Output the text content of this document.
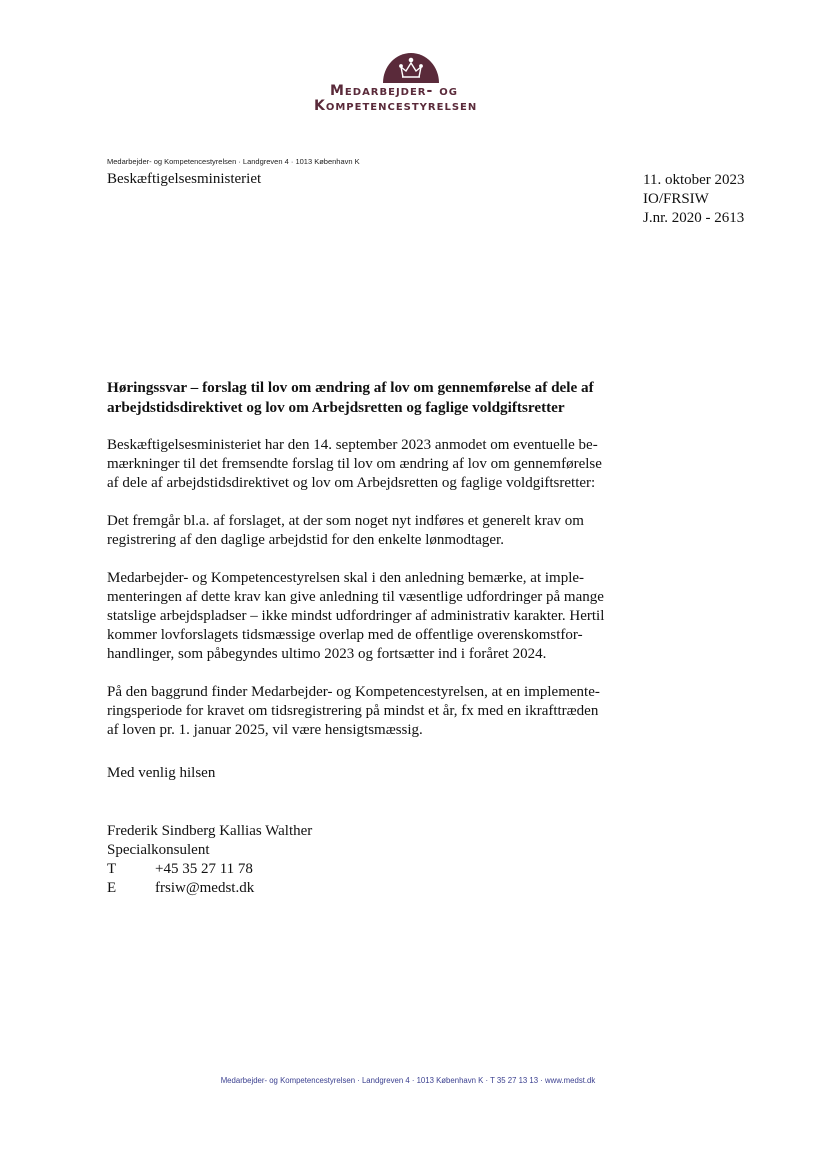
Medarbejder- og
Kompetencestyrelsen
Medarbejder- og Kompetencestyrelsen · Landgreven 4 · 1013 København K
Beskæftigelsesministeriet	11. oktober 2023
IO/FRSIW
J.nr. 2020 - 2613
Høringssvar – forslag til lov om ændring af lov om gennemførelse af dele af arbejdstidsdirektivet og lov om Arbejdsretten og faglige voldgiftsretter

Beskæftigelsesministeriet har den 14. september 2023 anmodet om eventuelle be-
mærkninger til det fremsendte forslag til lov om ændring af lov om gennemførelse
af dele af arbejdstidsdirektivet og lov om Arbejdsretten og faglige voldgiftsretter:

Det fremgår bl.a. af forslaget, at der som noget nyt indføres et generelt krav om
registrering af den daglige arbejdstid for den enkelte lønmodtager.

Medarbejder- og Kompetencestyrelsen skal i den anledning bemærke, at imple-
menteringen af dette krav kan give anledning til væsentlige udfordringer på mange
statslige arbejdspladser – ikke mindst udfordringer af administrativ karakter. Hertil
kommer lovforslagets tidsmæssige overlap med de offentlige overenskomstfor-
handlinger, som påbegyndes ultimo 2023 og fortsætter ind i foråret 2024.

På den baggrund finder Medarbejder- og Kompetencestyrelsen, at en implemente-
ringsperiode for kravet om tidsregistrering på mindst et år, fx med en ikrafttræden
af loven pr. 1. januar 2025, vil være hensigtsmæssig.

Med venlig hilsen
Frederik Sindberg Kallias Walther
Specialkonsulent
T	+45 35 27 11 78
E	frsiw@medst.dk
Medarbejder- og Kompetencestyrelsen · Landgreven 4 · 1013 København K · T 35 27 13 13 · www.medst.dk
